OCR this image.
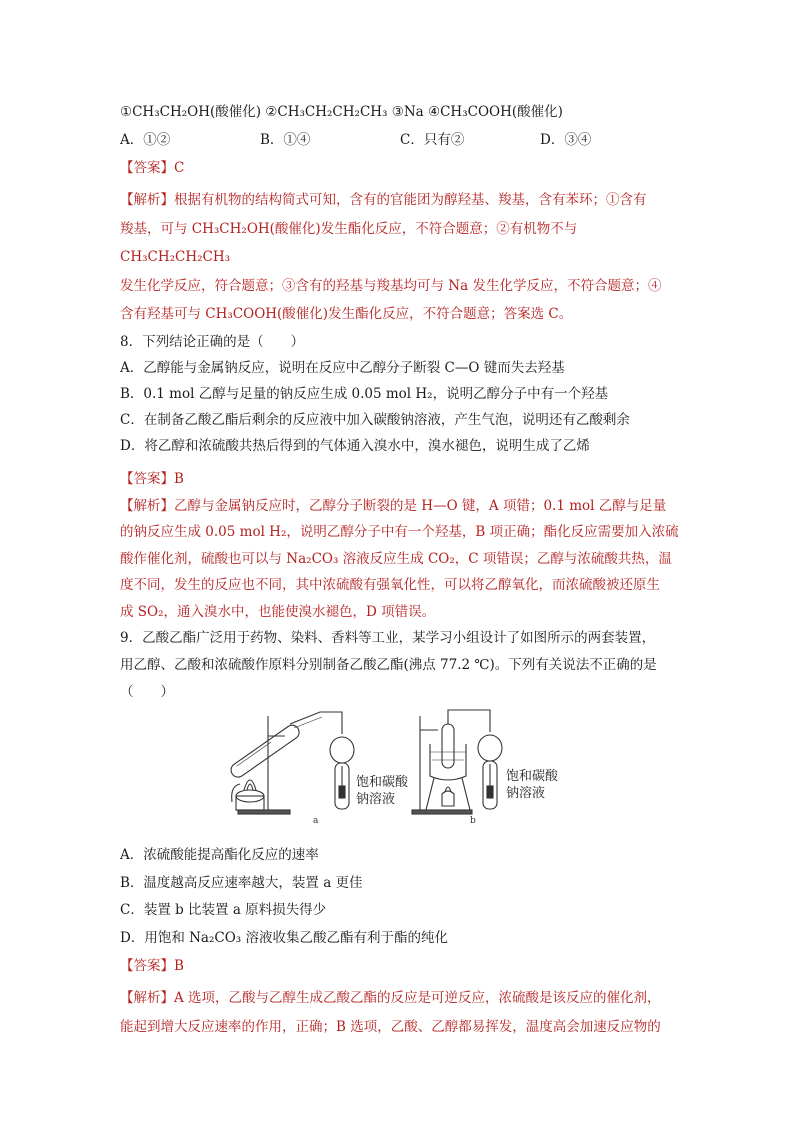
①CH₃CH₂OH(酸催化) ②CH₃CH₂CH₂CH₃ ③Na ④CH₃COOH(酸催化)
A．①②	B．①④	C．只有②	D．③④
【答案】C
【解析】根据有机物的结构简式可知，含有的官能团为醇羟基、羧基，含有苯环；①含有
羧基，可与 CH₃CH₂OH(酸催化)发生酯化反应，不符合题意；②有机物不与 CH₃CH₂CH₂CH₃
发生化学反应，符合题意；③含有的羟基与羧基均可与 Na 发生化学反应，不符合题意；④
含有羟基可与 CH₃COOH(酸催化)发生酯化反应，不符合题意；答案选 C。
8．下列结论正确的是（　　）
A．乙醇能与金属钠反应，说明在反应中乙醇分子断裂 C—O 键而失去羟基
B．0.1 mol 乙醇与足量的钠反应生成 0.05 mol H₂，说明乙醇分子中有一个羟基
C．在制备乙酸乙酯后剩余的反应液中加入碳酸钠溶液，产生气泡，说明还有乙酸剩余
D．将乙醇和浓硫酸共热后得到的气体通入溴水中，溴水褪色，说明生成了乙烯
【答案】B
【解析】乙醇与金属钠反应时，乙醇分子断裂的是 H—O 键，A 项错；0.1 mol 乙醇与足量
的钠反应生成 0.05 mol H₂，说明乙醇分子中有一个羟基，B 项正确；酯化反应需要加入浓硫
酸作催化剂，硫酸也可以与 Na₂CO₃ 溶液反应生成 CO₂，C 项错误；乙醇与浓硫酸共热，温
度不同，发生的反应也不同，其中浓硫酸有强氧化性，可以将乙醇氧化，而浓硫酸被还原生
成 SO₂，通入溴水中，也能使溴水褪色，D 项错误。
9．乙酸乙酯广泛用于药物、染料、香料等工业，某学习小组设计了如图所示的两套装置，
用乙醇、乙酸和浓硫酸作原料分别制备乙酸乙酯(沸点 77.2 ℃)。下列有关说法不正确的是
（　　）
饱和碳酸
钠溶液
饱和碳酸
钠溶液
a	b
A．浓硫酸能提高酯化反应的速率
B．温度越高反应速率越大，装置 a 更佳
C．装置 b 比装置 a 原料损失得少
D．用饱和 Na₂CO₃ 溶液收集乙酸乙酯有利于酯的纯化
【答案】B
【解析】A 选项，乙酸与乙醇生成乙酸乙酯的反应是可逆反应，浓硫酸是该反应的催化剂，
能起到增大反应速率的作用，正确；B 选项，乙酸、乙醇都易挥发，温度高会加速反应物的
